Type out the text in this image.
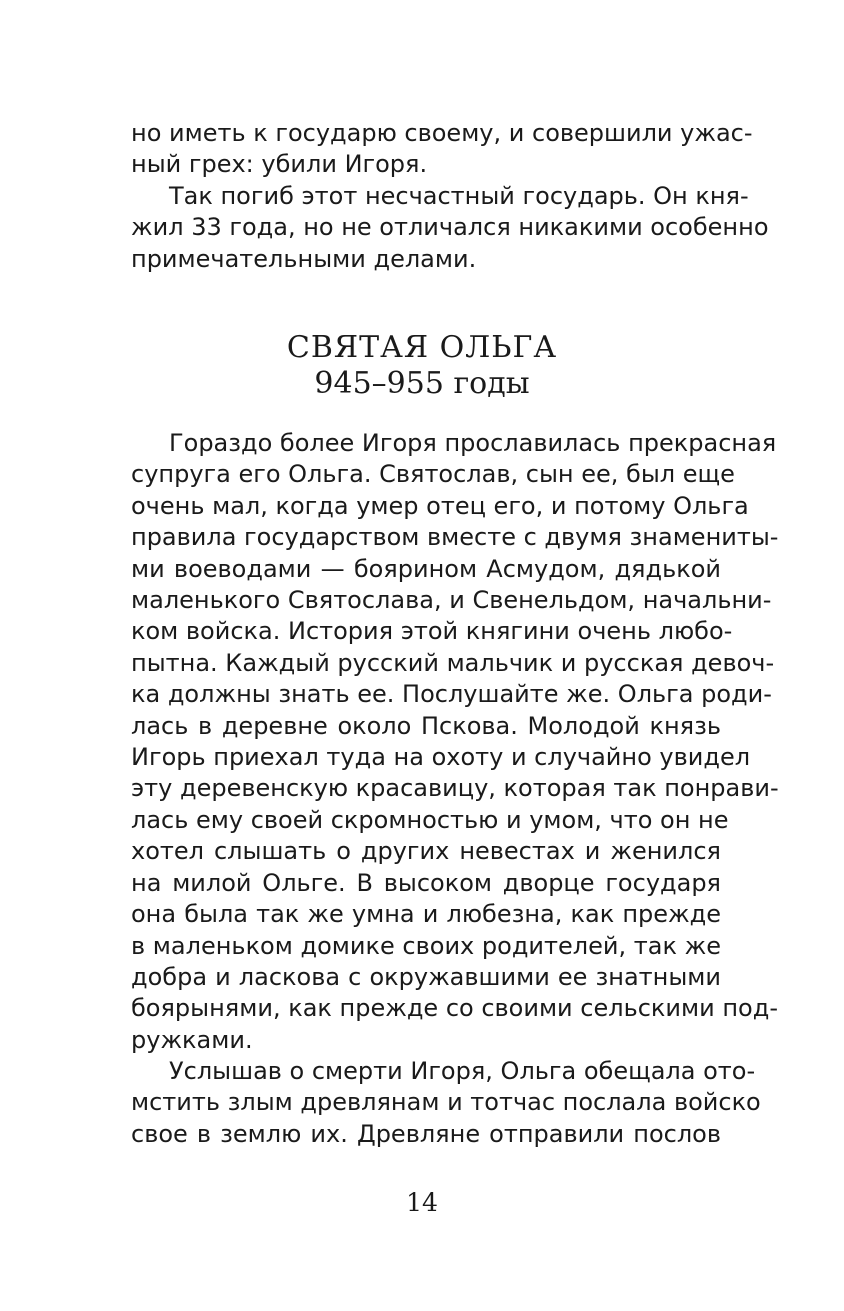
но иметь к государю своему, и совершили ужас-
ный грех: убили Игоря.
Так погиб этот несчастный государь. Он кня-
жил 33 года, но не отличался никакими особенно
примечательными делами.
СВЯТАЯ ОЛЬГА
945–955 годы
Гораздо более Игоря прославилась прекрасная
супруга его Ольга. Святослав, сын ее, был еще
очень мал, когда умер отец его, и потому Ольга
правила государством вместе с двумя знамениты-
ми воеводами — боярином Асмудом, дядькой
маленького Святослава, и Свенельдом, начальни-
ком войска. История этой княгини очень любо-
пытна. Каждый русский мальчик и русская девоч-
ка должны знать ее. Послушайте же. Ольга роди-
лась в деревне около Пскова. Молодой князь
Игорь приехал туда на охоту и случайно увидел
эту деревенскую красавицу, которая так понрави-
лась ему своей скромностью и умом, что он не
хотел слышать о других невестах и женился
на милой Ольге. В высоком дворце государя
она была так же умна и любезна, как прежде
в маленьком домике своих родителей, так же
добра и ласкова с окружавшими ее знатными
боярынями, как прежде со своими сельскими под-
ружками.
Услышав о смерти Игоря, Ольга обещала ото-
мстить злым древлянам и тотчас послала войско
свое в землю их. Древляне отправили послов
14
